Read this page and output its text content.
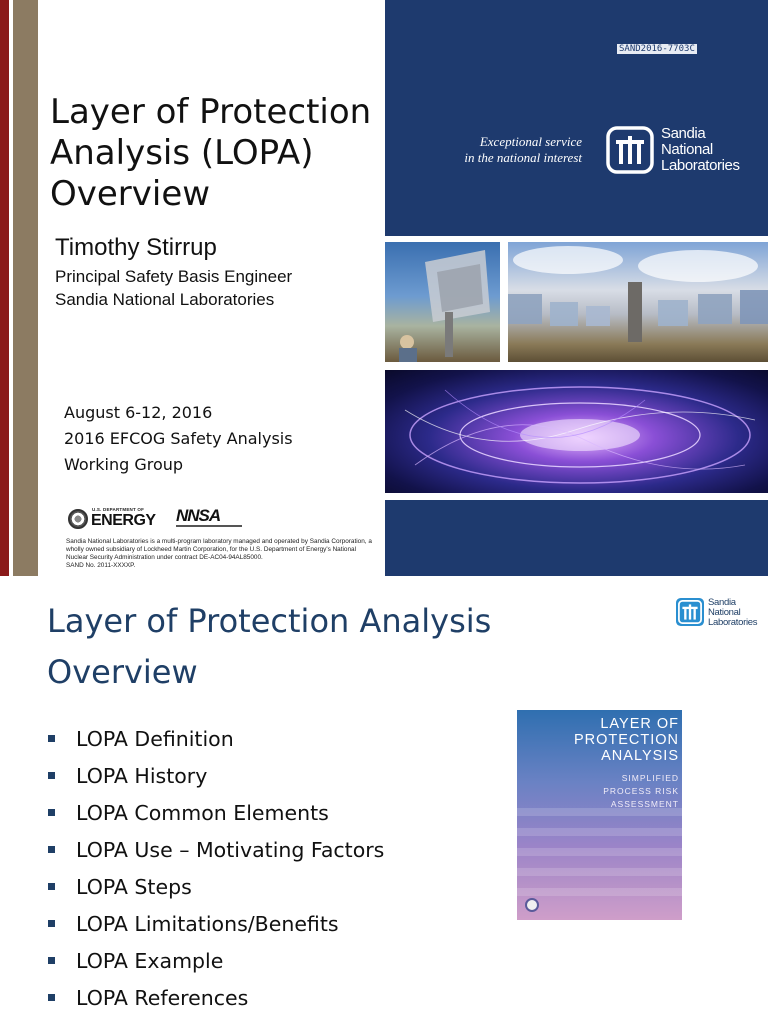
Layer of Protection Analysis (LOPA) Overview
Timothy Stirrup
Principal Safety Basis Engineer
Sandia National Laboratories
August 6-12, 2016
2016 EFCOG Safety Analysis
Working Group
U.S. DEPARTMENT OF
ENERGY NNSA
Sandia National Laboratories is a multi-program laboratory managed and operated by Sandia Corporation, a wholly owned subsidiary of Lockheed Martin Corporation, for the U.S. Department of Energy's National Nuclear Security Administration under contract DE-AC04-94AL85000.
SAND No. 2011-XXXXP.
SAND2016-7703C
Exceptional service
in the national interest
Sandia
National
Laboratories
Layer of Protection Analysis
Overview
Sandia
National
Laboratories
LOPA Definition
LOPA History
LOPA Common Elements
LOPA Use – Motivating Factors
LOPA Steps
LOPA Limitations/Benefits
LOPA Example
LOPA References
LAYER OF
PROTECTION
ANALYSIS
SIMPLIFIED
PROCESS RISK
ASSESSMENT
